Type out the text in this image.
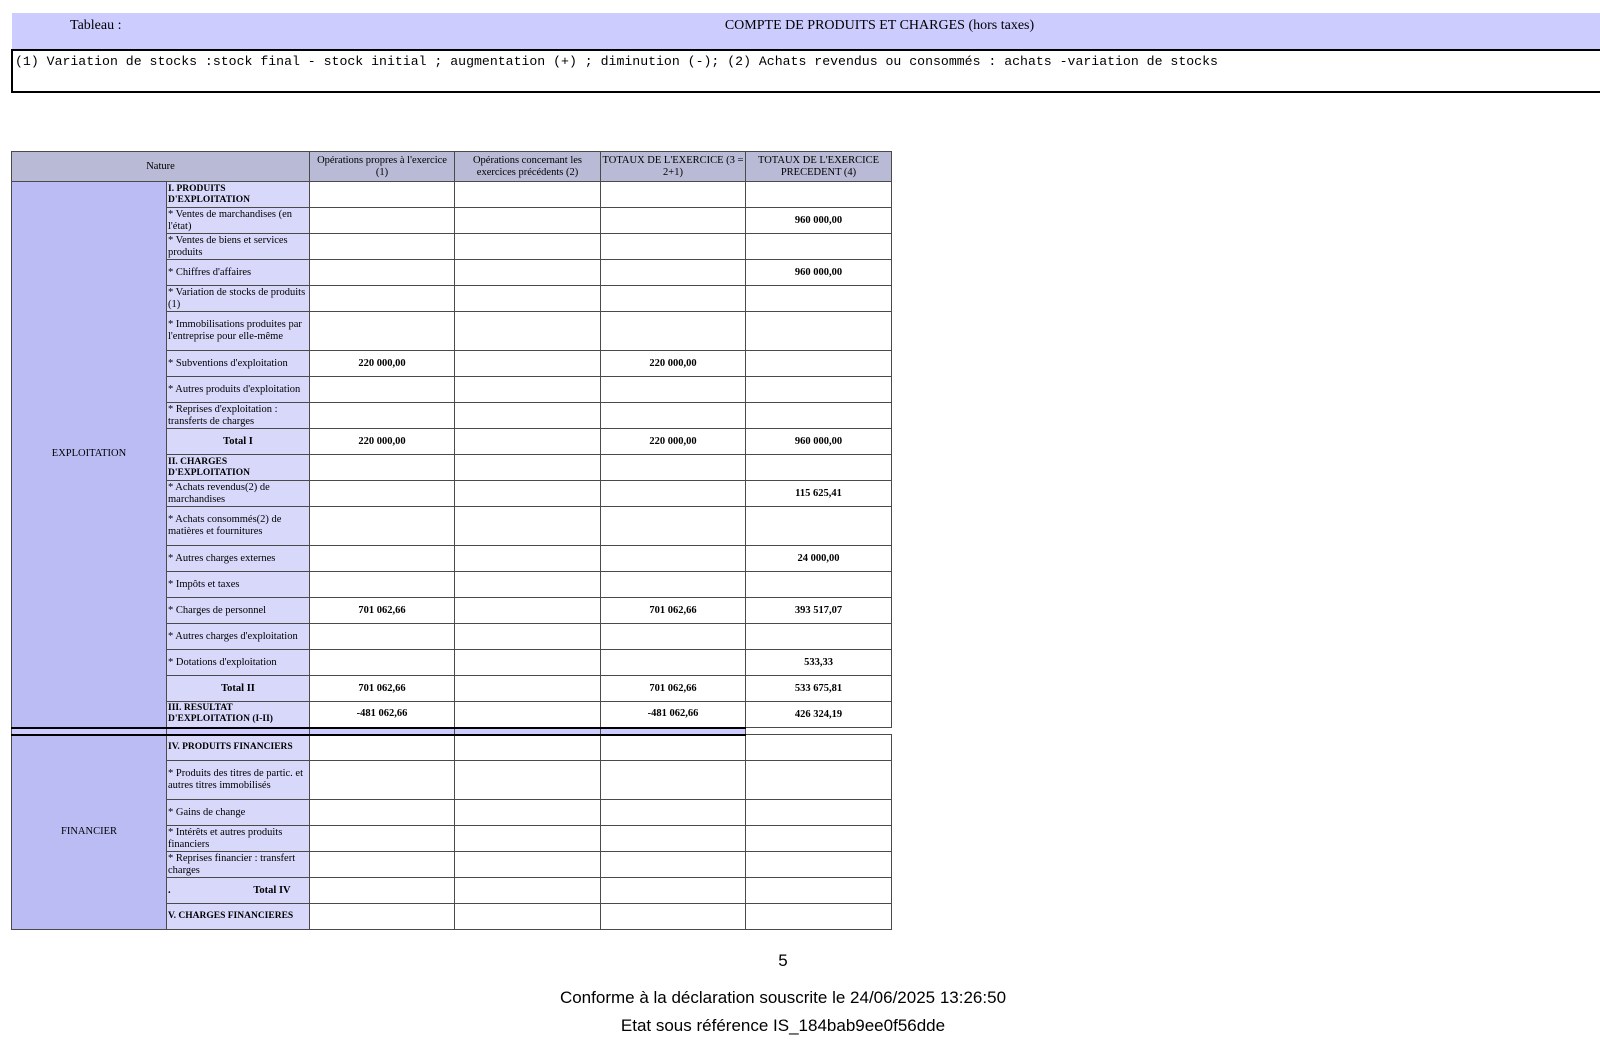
Tableau :	COMPTE DE PRODUITS ET CHARGES (hors taxes)
(1) Variation de stocks :stock final - stock initial ; augmentation (+) ; diminution (-); (2) Achats revendus ou consommés : achats -variation de stocks
Nature		Opérations propres à l'exercice (1)	Opérations concernant les exercices précédents (2)	TOTAUX DE L'EXERCICE (3 = 2+1)	TOTAUX DE L'EXERCICE PRECEDENT (4)
EXPLOITATION	I. PRODUITS D'EXPLOITATION				
	* Ventes de marchandises (en l'état)				960 000,00
	* Ventes de biens et services produits				
	* Chiffres d'affaires				960 000,00
	* Variation de stocks de produits (1)				
	* Immobilisations produites par l'entreprise pour elle-même				
	* Subventions d'exploitation	220 000,00		220 000,00	
	* Autres produits d'exploitation				
	* Reprises d'exploitation : transferts de charges				
	Total I	220 000,00		220 000,00	960 000,00
	II. CHARGES D'EXPLOITATION				
	* Achats revendus(2) de marchandises				115 625,41
	* Achats consommés(2) de matières et fournitures				
	* Autres charges externes				24 000,00
	* Impôts et taxes				
	* Charges de personnel	701 062,66		701 062,66	393 517,07
	* Autres charges d'exploitation				
	* Dotations d'exploitation				533,33
	Total II	701 062,66		701 062,66	533 675,81
	III. RESULTAT D'EXPLOITATION (I-II)	-481 062,66		-481 062,66	426 324,19

FINANCIER	IV. PRODUITS FINANCIERS				
	* Produits des titres de partic. et autres titres immobilisés				
	* Gains de change				
	* Intérêts et autres produits financiers				
	* Reprises financier : transfert charges				
	. Total IV				
	V. CHARGES FINANCIERES				
5
Conforme à la déclaration souscrite le 24/06/2025 13:26:50
Etat sous référence IS_184bab9ee0f56dde
